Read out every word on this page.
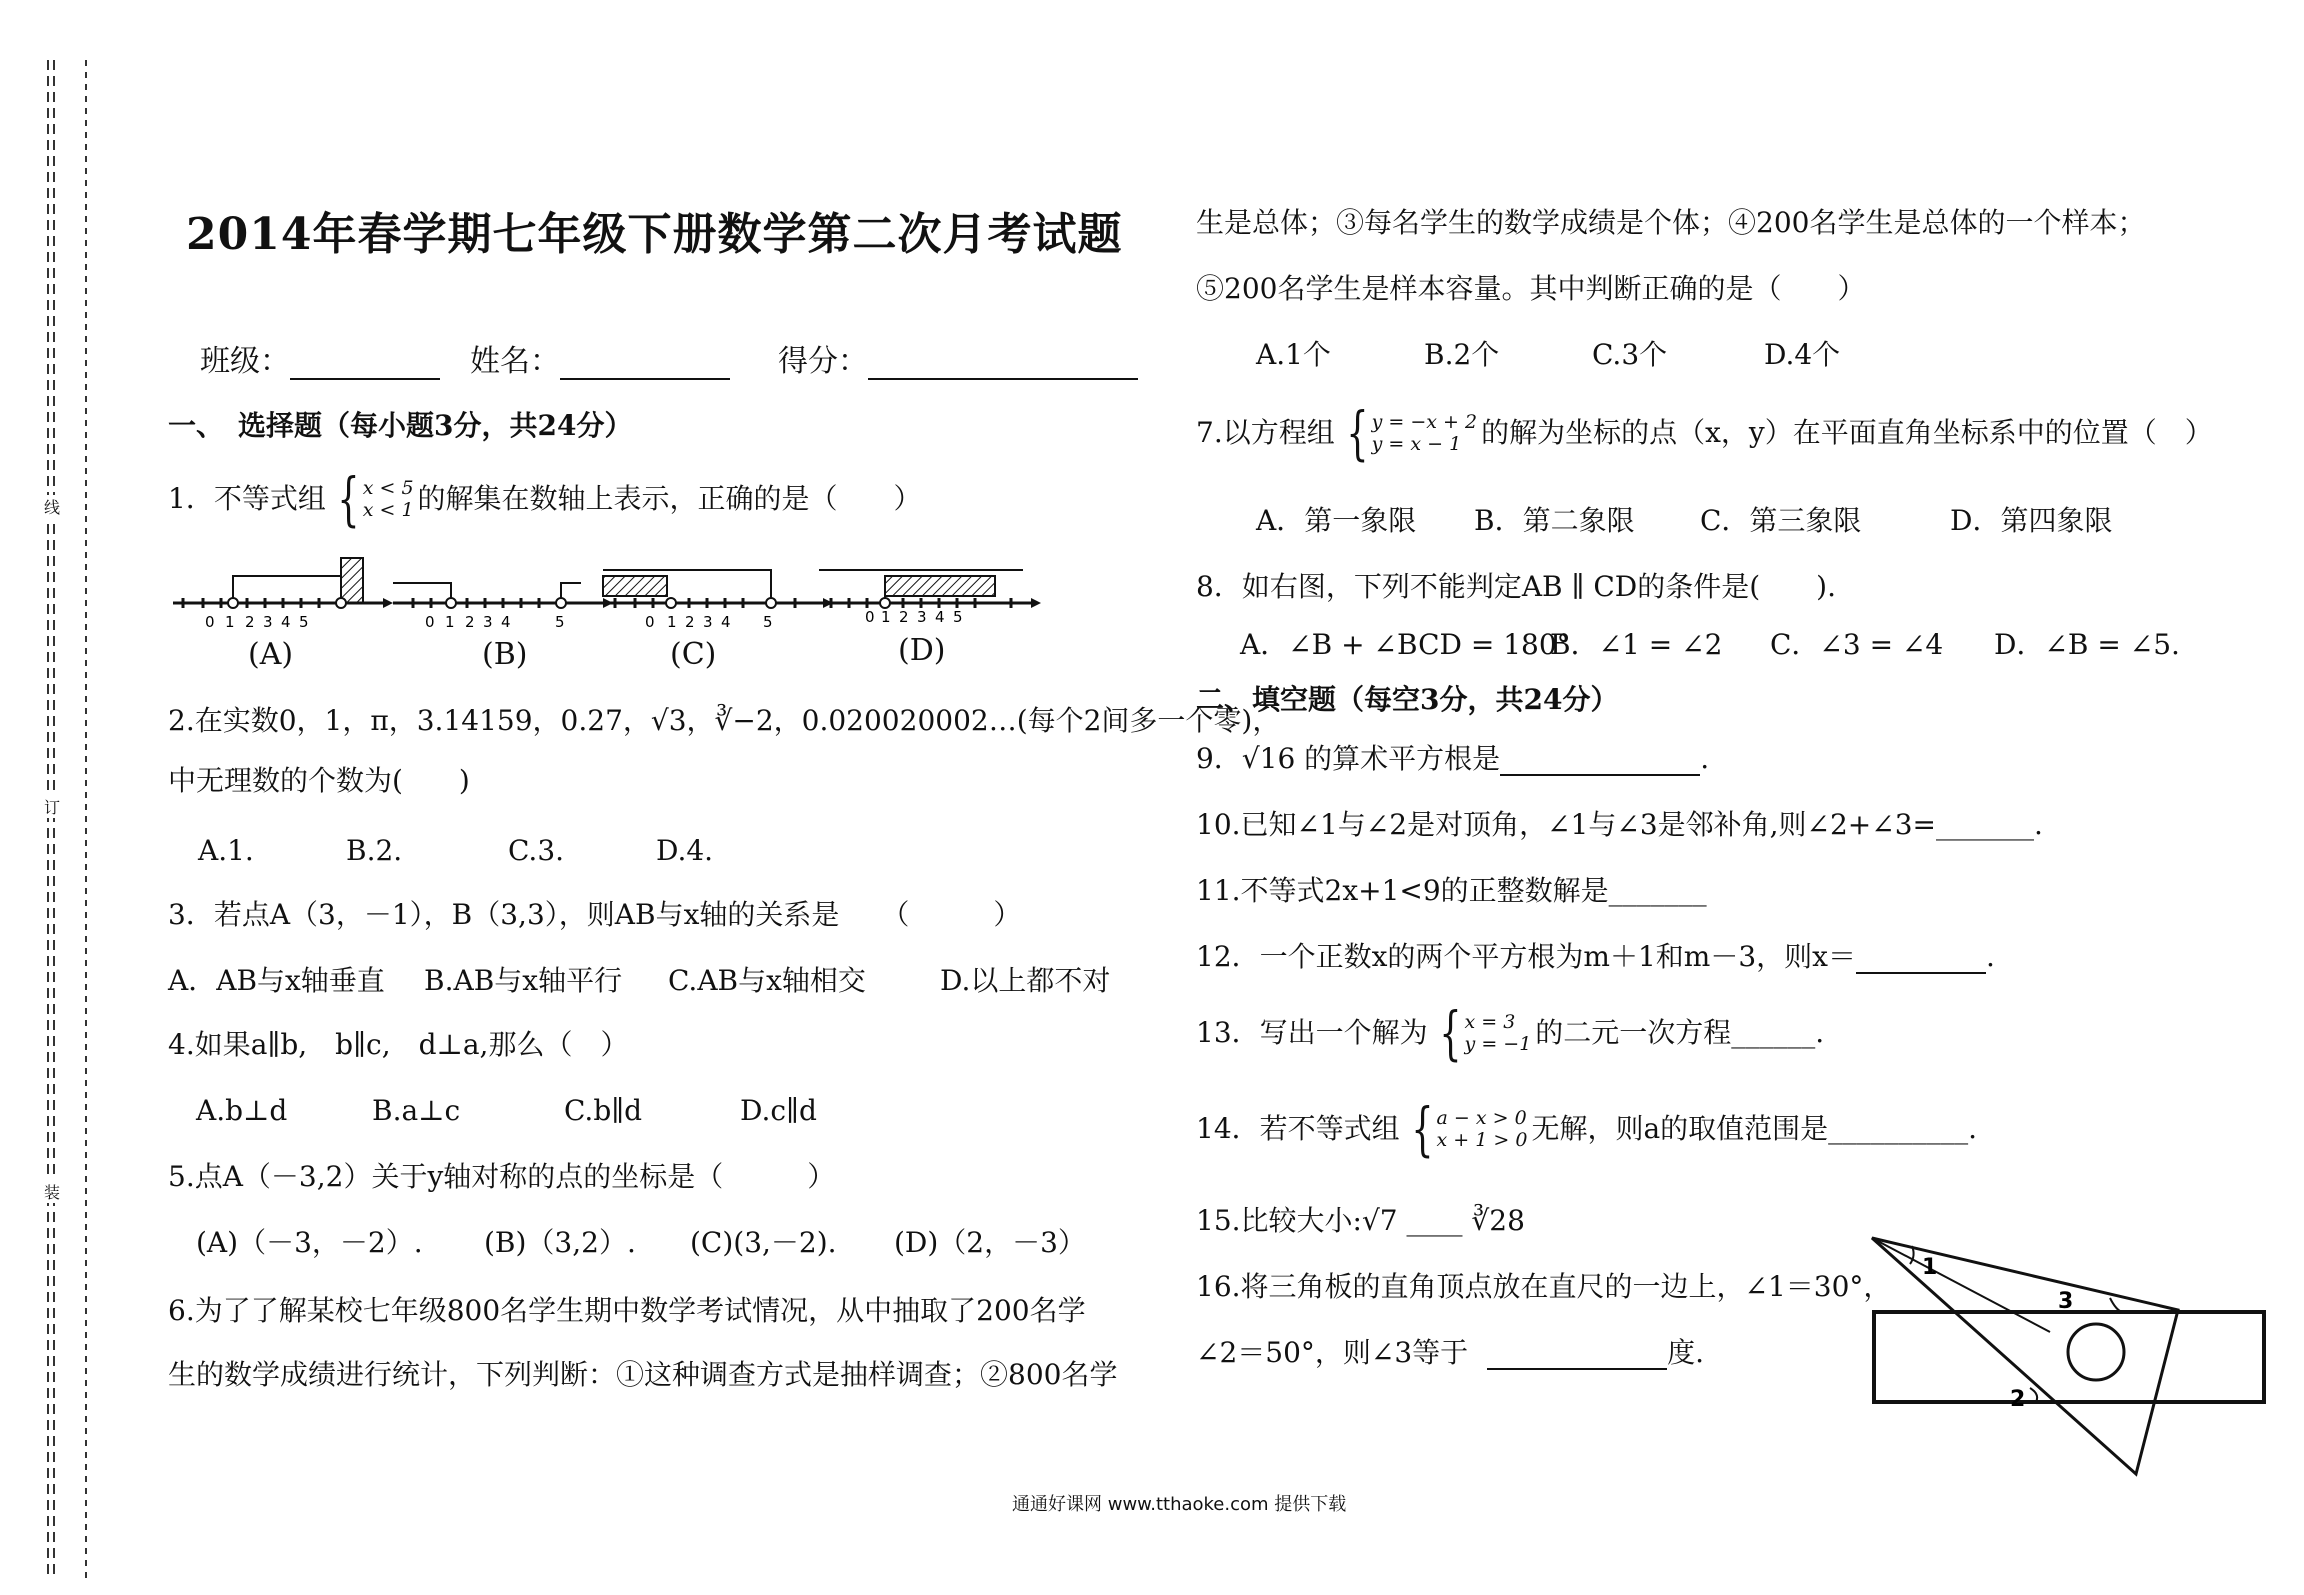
线
订
装
2014年春学期七年级下册数学第二次月考试题
班级：	姓名：	得分：
一、　选择题（每小题3分，共24分）
1．不等式组 { x < 5
x < 1 的解集在数轴上表示，正确的是（　　）
0 1 2 3 4 5	0 1 2 3 4	5	0 1 2 3 4 5	0 1 2 3 4 5
(A)	(B)	(C)	(D)
2.在实数0，1，π，3.14159，0.27，√3，∛−2，0.020020002…(每个2间多一个零)，
中无理数的个数为(　　)
A.1.	B.2.	C.3.	D.4.
3．若点A（3，－1），B（3,3），则AB与x轴的关系是　　（　　　）
A．AB与x轴垂直 B.AB与x轴平行 C.AB与x轴相交	D.以上都不对
4.如果a∥b,　b∥c,　d⊥a,那么（　）
A.b⊥d	B.a⊥c	C.b∥d	D.c∥d
5.点A（－3,2）关于y轴对称的点的坐标是（　　　）
(A)（－3，－2）. (B)（3,2）. (C)(3,－2). (D)（2，－3）
6.为了了解某校七年级800名学生期中数学考试情况，从中抽取了200名学
生的数学成绩进行统计，下列判断：①这种调查方式是抽样调查；②800名学
生是总体；③每名学生的数学成绩是个体；④200名学生是总体的一个样本；
⑤200名学生是样本容量。其中判断正确的是（　　）
A.1个	B.2个	C.3个	D.4个
7.以方程组 { y = −x + 2
y = x − 1 的解为坐标的点（x，y）在平面直角坐标系中的位置（　）
A．第一象限 B．第二象限 C．第三象限	D．第四象限
8．如右图，下列不能判定AB ∥ CD的条件是(　　).
A．∠B + ∠BCD = 180°
B．∠1 = ∠2 C．∠3 = ∠4 D．∠B = ∠5.
二、填空题（每空3分，共24分）
9．√16 的算术平方根是	.
10.已知∠1与∠2是对顶角，∠1与∠3是邻补角,则∠2+∠3=_______.
11.不等式2x+1<9的正整数解是_______
12．一个正数x的两个平方根为m＋1和m－3，则x＝	.
13．写出一个解为 { x = 3
y = −1 的二元一次方程______.
14．若不等式组 { a − x > 0
x + 1 > 0 无解，则a的取值范围是__________.
15.比较大小:√7 ____ ∛28
16.将三角板的直角顶点放在直尺的一边上，∠1＝30°，
∠2＝50°，则∠3等于	度.
1
2
3
通通好课网 www.tthaoke.com 提供下载
